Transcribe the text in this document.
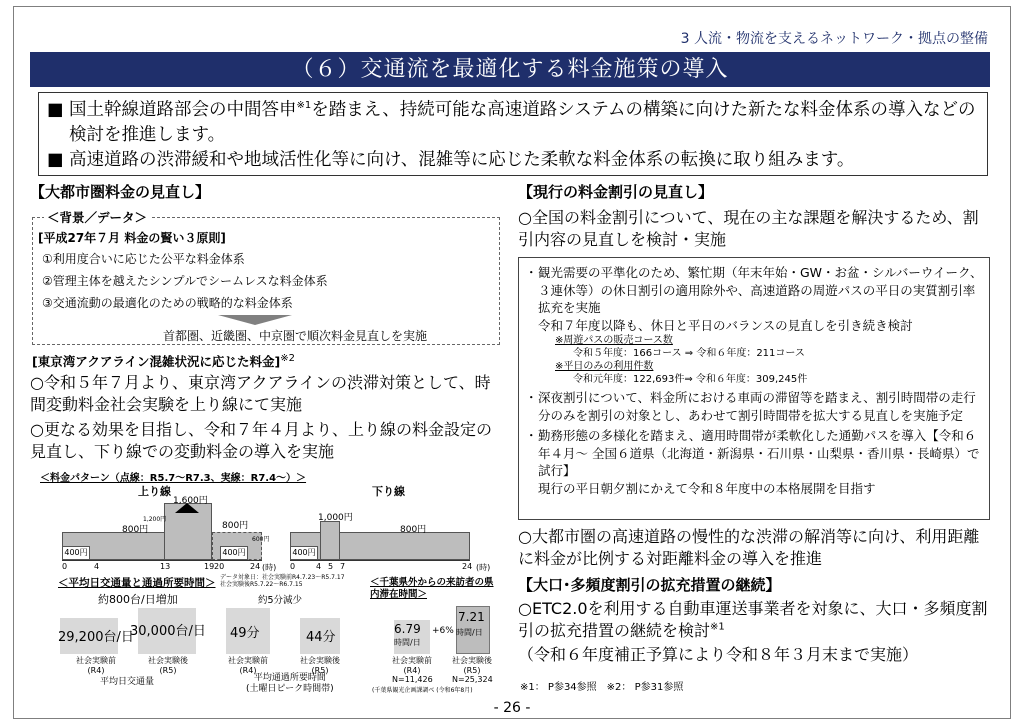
3 人流・物流を支えるネットワーク・拠点の整備
（６）交通流を最適化する料金施策の導入

■ 国土幹線道路部会の中間答申$^{※1}$を踏まえ、持続可能な高速道路システムの構築に向けた新たな料金体系の導入などの検討を推進します。

■ 高速道路の渋滞緩和や地域活性化等に向け、混雑等に応じた柔軟な料金体系の転換に取り組みます。

【大都市圏料金の見直し】
＜背景／データ＞
[平成27年７月 料金の賢い３原則]
①利用度合いに応じた公平な料金体系
②管理主体を越えたシンプルでシームレスな料金体系
③交通流動の最適化のための戦略的な料金体系
首都圏、近畿圏、中京圏で順次料金見直しを実施
[東京湾アクアライン混雑状況に応じた料金]$^{※2}$
○令和５年７月より、東京湾アクアラインの渋滞対策として、時間変動料金社会実験を上り線にて実施
○更なる効果を目指し、令和７年４月より、上り線の料金設定の見直し、下り線での変動料金の導入を実施
＜料金パターン（点線：R5.7～R7.3、実線：R7.4～）＞
上り線
1,600円
1,200円
800円	800円
600円
400円	400円
0	4	13	19 20	24 (時)
下り線
1,000円
800円
400円
0	4 5 7	24 (時)
＜平均日交通量と通過所要時間＞ データ対象日：社会実験前R4.7.23～R5.7.17
社会実験後R5.7.22～R6.7.15
約800台/日増加
29,200台/日
30,000台/日
社会実験前
(R4)
社会実験後
(R5)
平均日交通量
約5分減少
49分	44分
社会実験前
(R4)
社会実験後
(R5)
平均通過所要時間
(土曜日ピーク時間帯)
＜千葉県外からの来訪者の県内滞在時間＞
6.79
時間/日
7.21
時間/日
+6%
社会実験前
(R4)
N=11,426
社会実験後
(R5)
N=25,324
(千葉県観光企画課調べ (令和6年8月)
【現行の料金割引の見直し】
○全国の料金割引について、現在の主な課題を解決するため、割引内容の見直しを検討・実施
・ 観光需要の平準化のため、繁忙期（年末年始・GW・お盆・シルバーウイーク、３連休等）の休日割引の適用除外や、高速道路の周遊パスの平日の実質割引率拡充を実施
令和７年度以降も、休日と平日のバランスの見直しを引き続き検討
※周遊パスの販売コース数
令和５年度：166コース ⇒ 令和６年度：211コース
※平日のみの利用件数
令和元年度：122,693件⇒ 令和６年度：309,245件
・ 深夜割引について、料金所における車両の滞留等を踏まえ、割引時間帯の走行分のみを割引の対象とし、あわせて割引時間帯を拡大する見直しを実施予定
・ 勤務形態の多様化を踏まえ、適用時間帯が柔軟化した通勤パスを導入【令和６年４月～ 全国６道県（北海道・新潟県・石川県・山梨県・香川県・長崎県）で試行】
現行の平日朝夕割にかえて令和８年度中の本格展開を目指す
○大都市圏の高速道路の慢性的な渋滞の解消等に向け、利用距離に料金が比例する対距離料金の導入を推進
【大口･多頻度割引の拡充措置の継続】
○ETC2.0を利用する自動車運送事業者を対象に、大口・多頻度割引の拡充措置の継続を検討$^{※1}$
（令和６年度補正予算により令和８年３月末まで実施）
※1： P参34参照　※2： P参31参照
- 26 -
